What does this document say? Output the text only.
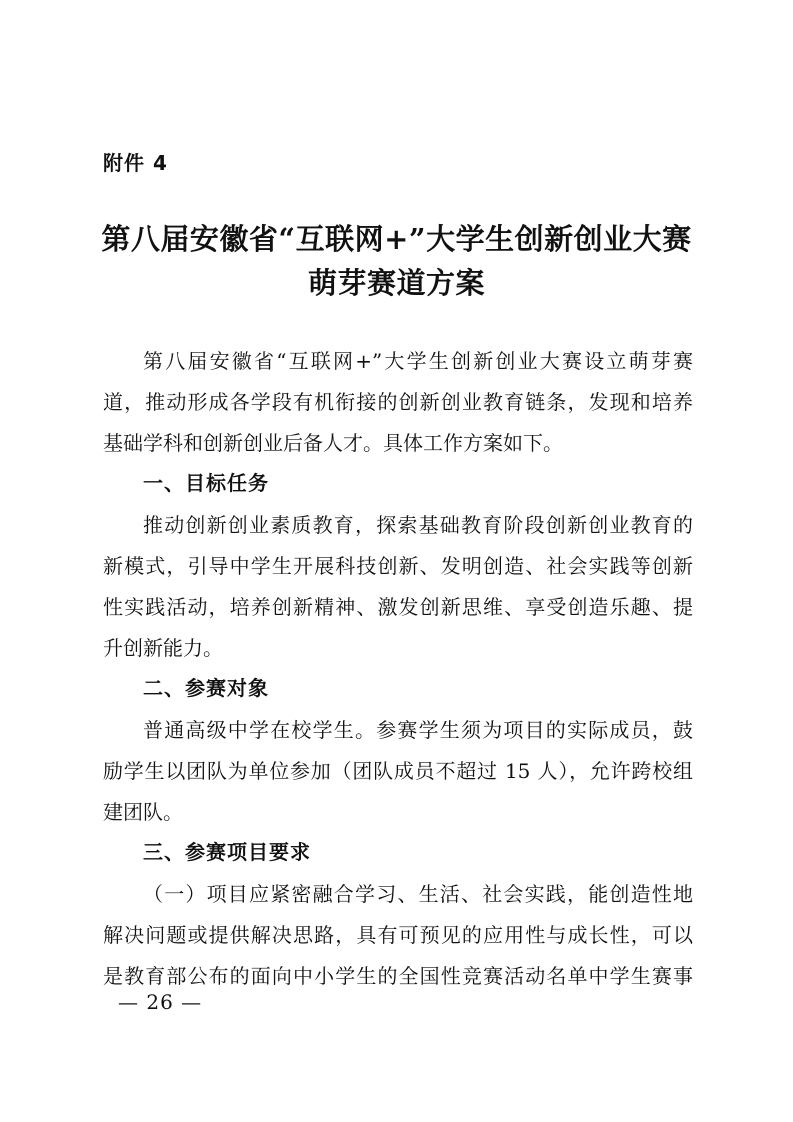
附件 4
第八届安徽省“互联网+”大学生创新创业大赛
萌芽赛道方案
第八届安徽省“互联网+”大学生创新创业大赛设立萌芽赛
道，推动形成各学段有机衔接的创新创业教育链条，发现和培养
基础学科和创新创业后备人才。具体工作方案如下。
一、目标任务
推动创新创业素质教育，探索基础教育阶段创新创业教育的
新模式，引导中学生开展科技创新、发明创造、社会实践等创新
性实践活动，培养创新精神、激发创新思维、享受创造乐趣、提
升创新能力。
二、参赛对象
普通高级中学在校学生。参赛学生须为项目的实际成员，鼓
励学生以团队为单位参加（团队成员不超过 15 人），允许跨校组
建团队。
三、参赛项目要求
（一）项目应紧密融合学习、生活、社会实践，能创造性地
解决问题或提供解决思路，具有可预见的应用性与成长性，可以
是教育部公布的面向中小学生的全国性竞赛活动名单中学生赛事
— 26 —
